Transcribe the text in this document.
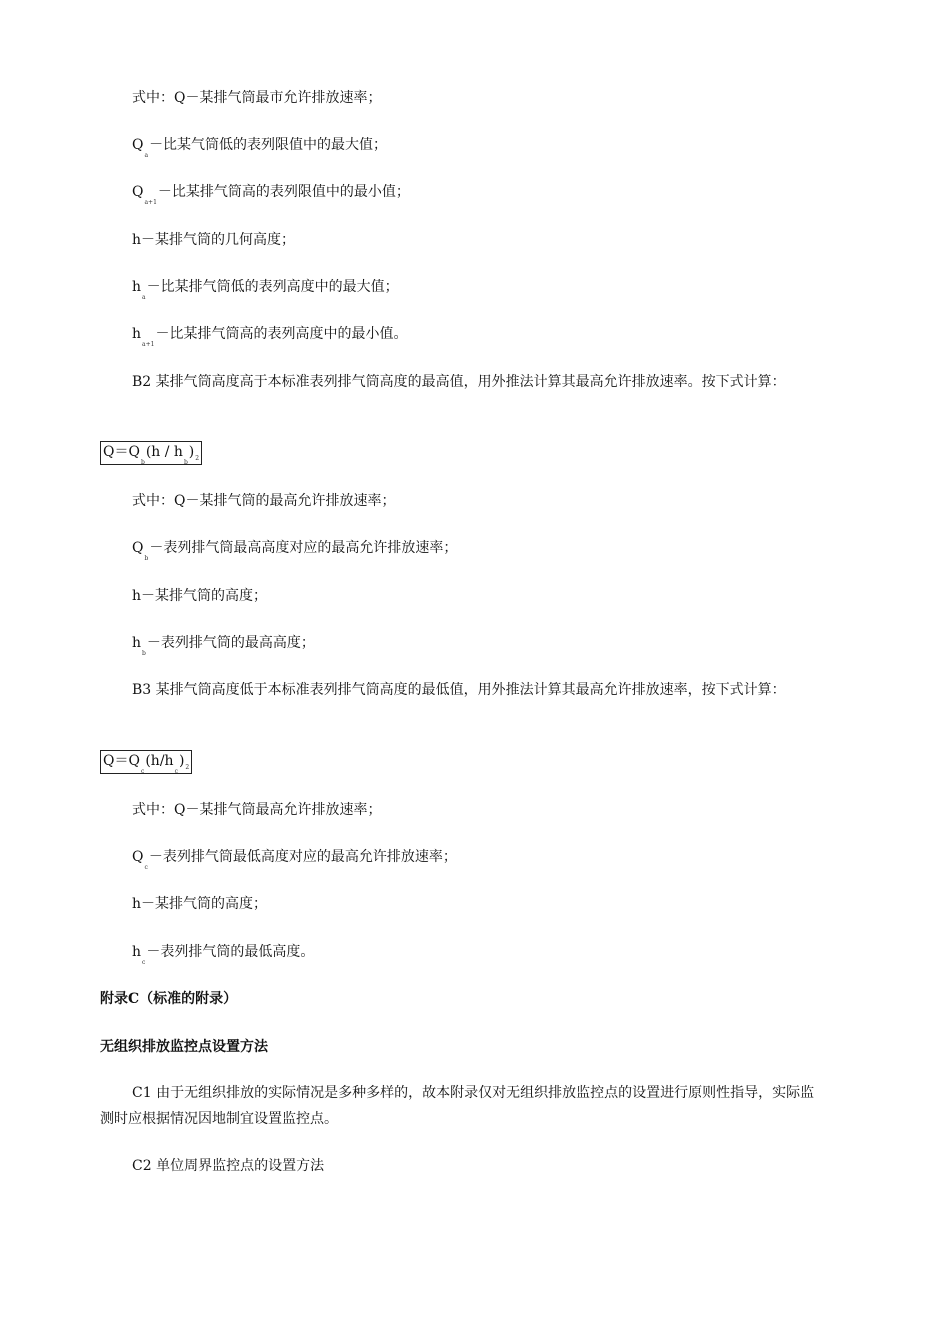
式中：Q－某排气筒最市允许排放速率；
$Q_a-$比某气筒低的表列限值中的最大值；
$Q_{a+1}-$比某排气筒高的表列限值中的最小值；
h－某排气筒的几何高度；
$h_a-$比某排气筒低的表列高度中的最大值；
$h_{a+1}-$比某排气筒高的表列高度中的最小值。
B2 某排气筒高度高于本标准表列排气筒高度的最高值，用外推法计算其最高允许排放速率。按下式计算：
$Q=Q_b(h / h_b)_2$
式中：Q－某排气筒的最高允许排放速率；
$Q_b-$表列排气筒最高高度对应的最高允许排放速率；
h－某排气筒的高度；
$h_b-$表列排气筒的最高高度；
B3 某排气筒高度低于本标准表列排气筒高度的最低值，用外推法计算其最高允许排放速率，按下式计算：
$Q=Q_c(h/h_c)_2$
式中：Q－某排气筒最高允许排放速率；
$Q_c-$表列排气筒最低高度对应的最高允许排放速率；
h－某排气筒的高度；
$h_c-$表列排气筒的最低高度。
附录C（标准的附录）
无组织排放监控点设置方法
C1 由于无组织排放的实际情况是多种多样的，故本附录仅对无组织排放监控点的设置进行原则性指导，实际监测时应根据情况因地制宜设置监控点。
C2 单位周界监控点的设置方法
